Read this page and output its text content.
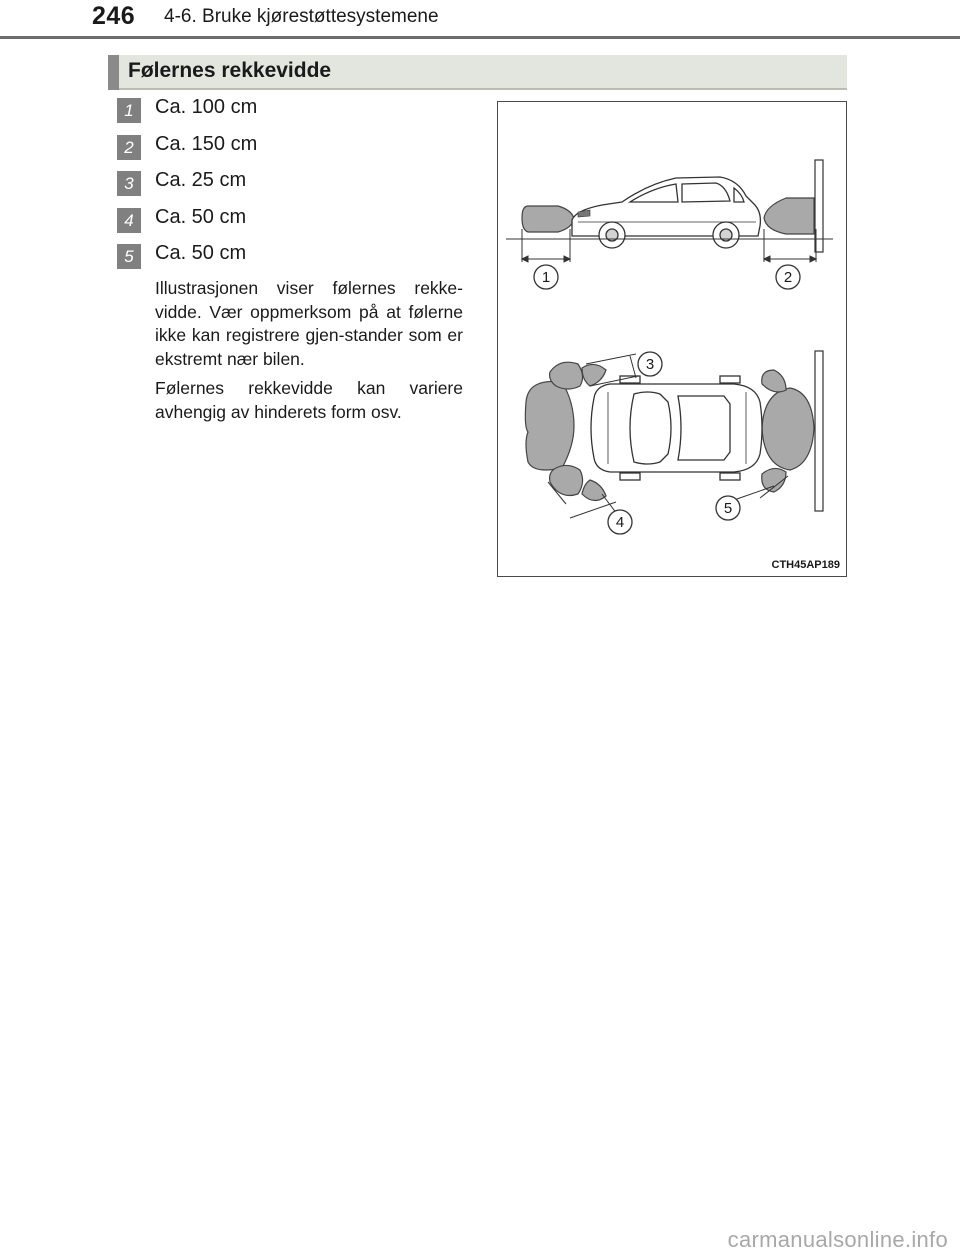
246 4-6. Bruke kjørestøttesystemene
Følernes rekkevidde
1	Ca. 100 cm
2	Ca. 150 cm
3	Ca. 25 cm
4	Ca. 50 cm
5	Ca. 50 cm

Illustrasjonen viser følernes rekke-vidde. Vær oppmerksom på at følerne ikke kan registrere gjen-stander som er ekstremt nær bilen.

Følernes rekkevidde kan variere avhengig av hinderets form osv.

1	2
3
4
5
CTH45AP189
carmanualsonline.info
